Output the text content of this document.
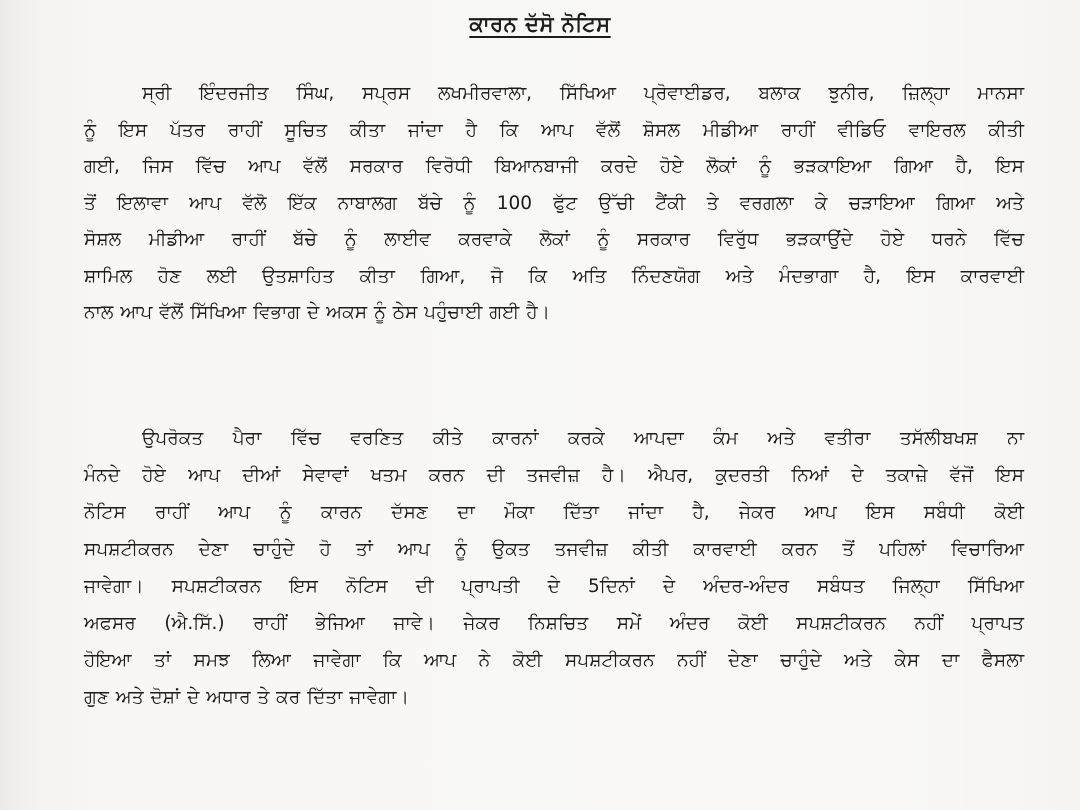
ਕਾਰਨ ਦੱਸੋ ਨੋਟਿਸ
ਸ੍ਰੀ ਇੰਦਰਜੀਤ ਸਿੰਘ, ਸਪ੍ਰਸ ਲਖਮੀਰਵਾਲਾ, ਸਿੱਖਿਆ ਪ੍ਰੋਵਾਈਡਰ, ਬਲਾਕ ਝੁਨੀਰ, ਜ਼ਿਲ੍ਹਾ ਮਾਨਸਾ
ਨੂੰ ਇਸ ਪੱਤਰ ਰਾਹੀਂ ਸੂਚਿਤ ਕੀਤਾ ਜਾਂਦਾ ਹੈ ਕਿ ਆਪ ਵੱਲੋਂ ਸ਼ੋਸਲ ਮੀਡੀਆ ਰਾਹੀਂ ਵੀਡਿਓ ਵਾਇਰਲ ਕੀਤੀ
ਗਈ, ਜਿਸ ਵਿੱਚ ਆਪ ਵੱਲੋਂ ਸਰਕਾਰ ਵਿਰੋਧੀ ਬਿਆਨਬਾਜੀ ਕਰਦੇ ਹੋਏ ਲੋਕਾਂ ਨੂੰ ਭੜਕਾਇਆ ਗਿਆ ਹੈ, ਇਸ
ਤੋਂ ਇਲਾਵਾ ਆਪ ਵੱਲੋ ਇੱਕ ਨਾਬਾਲਗ ਬੱਚੇ ਨੂੰ 100 ਫੁੱਟ ਉੱਚੀ ਟੈਂਕੀ ਤੇ ਵਰਗਲਾ ਕੇ ਚੜਾਇਆ ਗਿਆ ਅਤੇ
ਸੋਸ਼ਲ ਮੀਡੀਆ ਰਾਹੀਂ ਬੱਚੇ ਨੂੰ ਲਾਈਵ ਕਰਵਾਕੇ ਲੋਕਾਂ ਨੂੰ ਸਰਕਾਰ ਵਿਰੁੱਧ ਭੜਕਾਉਂਦੇ ਹੋਏ ਧਰਨੇ ਵਿੱਚ
ਸ਼ਾਮਿਲ ਹੋਣ ਲਈ ਉਤਸ਼ਾਹਿਤ ਕੀਤਾ ਗਿਆ, ਜੋ ਕਿ ਅਤਿ ਨਿੰਦਣਯੋਗ ਅਤੇ ਮੰਦਭਾਗਾ ਹੈ, ਇਸ ਕਾਰਵਾਈ
ਨਾਲ ਆਪ ਵੱਲੋਂ ਸਿੱਖਿਆ ਵਿਭਾਗ ਦੇ ਅਕਸ ਨੂੰ ਠੇਸ ਪਹੁੰਚਾਈ ਗਈ ਹੈ।
ਉਪਰੋਕਤ ਪੈਰਾ ਵਿੱਚ ਵਰਣਿਤ ਕੀਤੇ ਕਾਰਨਾਂ ਕਰਕੇ ਆਪਦਾ ਕੰਮ ਅਤੇ ਵਤੀਰਾ ਤਸੱਲੀਬਖਸ਼ ਨਾ
ਮੰਨਦੇ ਹੋਏ ਆਪ ਦੀਆਂ ਸੇਵਾਵਾਂ ਖਤਮ ਕਰਨ ਦੀ ਤਜਵੀਜ਼ ਹੈ। ਐਪਰ, ਕੁਦਰਤੀ ਨਿਆਂ ਦੇ ਤਕਾਜ਼ੇ ਵੱਜੋਂ ਇਸ
ਨੋਟਿਸ ਰਾਹੀਂ ਆਪ ਨੂੰ ਕਾਰਨ ਦੱਸਣ ਦਾ ਮੌਕਾ ਦਿੱਤਾ ਜਾਂਦਾ ਹੈ, ਜੇਕਰ ਆਪ ਇਸ ਸਬੰਧੀ ਕੋਈ
ਸਪਸ਼ਟੀਕਰਨ ਦੇਣਾ ਚਾਹੁੰਦੇ ਹੋ ਤਾਂ ਆਪ ਨੂੰ ਉਕਤ ਤਜਵੀਜ਼ ਕੀਤੀ ਕਾਰਵਾਈ ਕਰਨ ਤੋਂ ਪਹਿਲਾਂ ਵਿਚਾਰਿਆ
ਜਾਵੇਗਾ। ਸਪਸ਼ਟੀਕਰਨ ਇਸ ਨੋਟਿਸ ਦੀ ਪ੍ਰਾਪਤੀ ਦੇ 5ਦਿਨਾਂ ਦੇ ਅੰਦਰ-ਅੰਦਰ ਸਬੰਧਤ ਜਿਲ੍ਹਾ ਸਿੱਖਿਆ
ਅਫਸਰ (ਐ.ਸਿੱ.) ਰਾਹੀਂ ਭੇਜਿਆ ਜਾਵੇ। ਜੇਕਰ ਨਿਸ਼ਚਿਤ ਸਮੇਂ ਅੰਦਰ ਕੋਈ ਸਪਸ਼ਟੀਕਰਨ ਨਹੀਂ ਪ੍ਰਾਪਤ
ਹੋਇਆ ਤਾਂ ਸਮਝ ਲਿਆ ਜਾਵੇਗਾ ਕਿ ਆਪ ਨੇ ਕੋਈ ਸਪਸ਼ਟੀਕਰਨ ਨਹੀਂ ਦੇਣਾ ਚਾਹੁੰਦੇ ਅਤੇ ਕੇਸ ਦਾ ਫੈਸਲਾ
ਗੁਣ ਅਤੇ ਦੋਸ਼ਾਂ ਦੇ ਅਧਾਰ ਤੇ ਕਰ ਦਿੱਤਾ ਜਾਵੇਗਾ।
